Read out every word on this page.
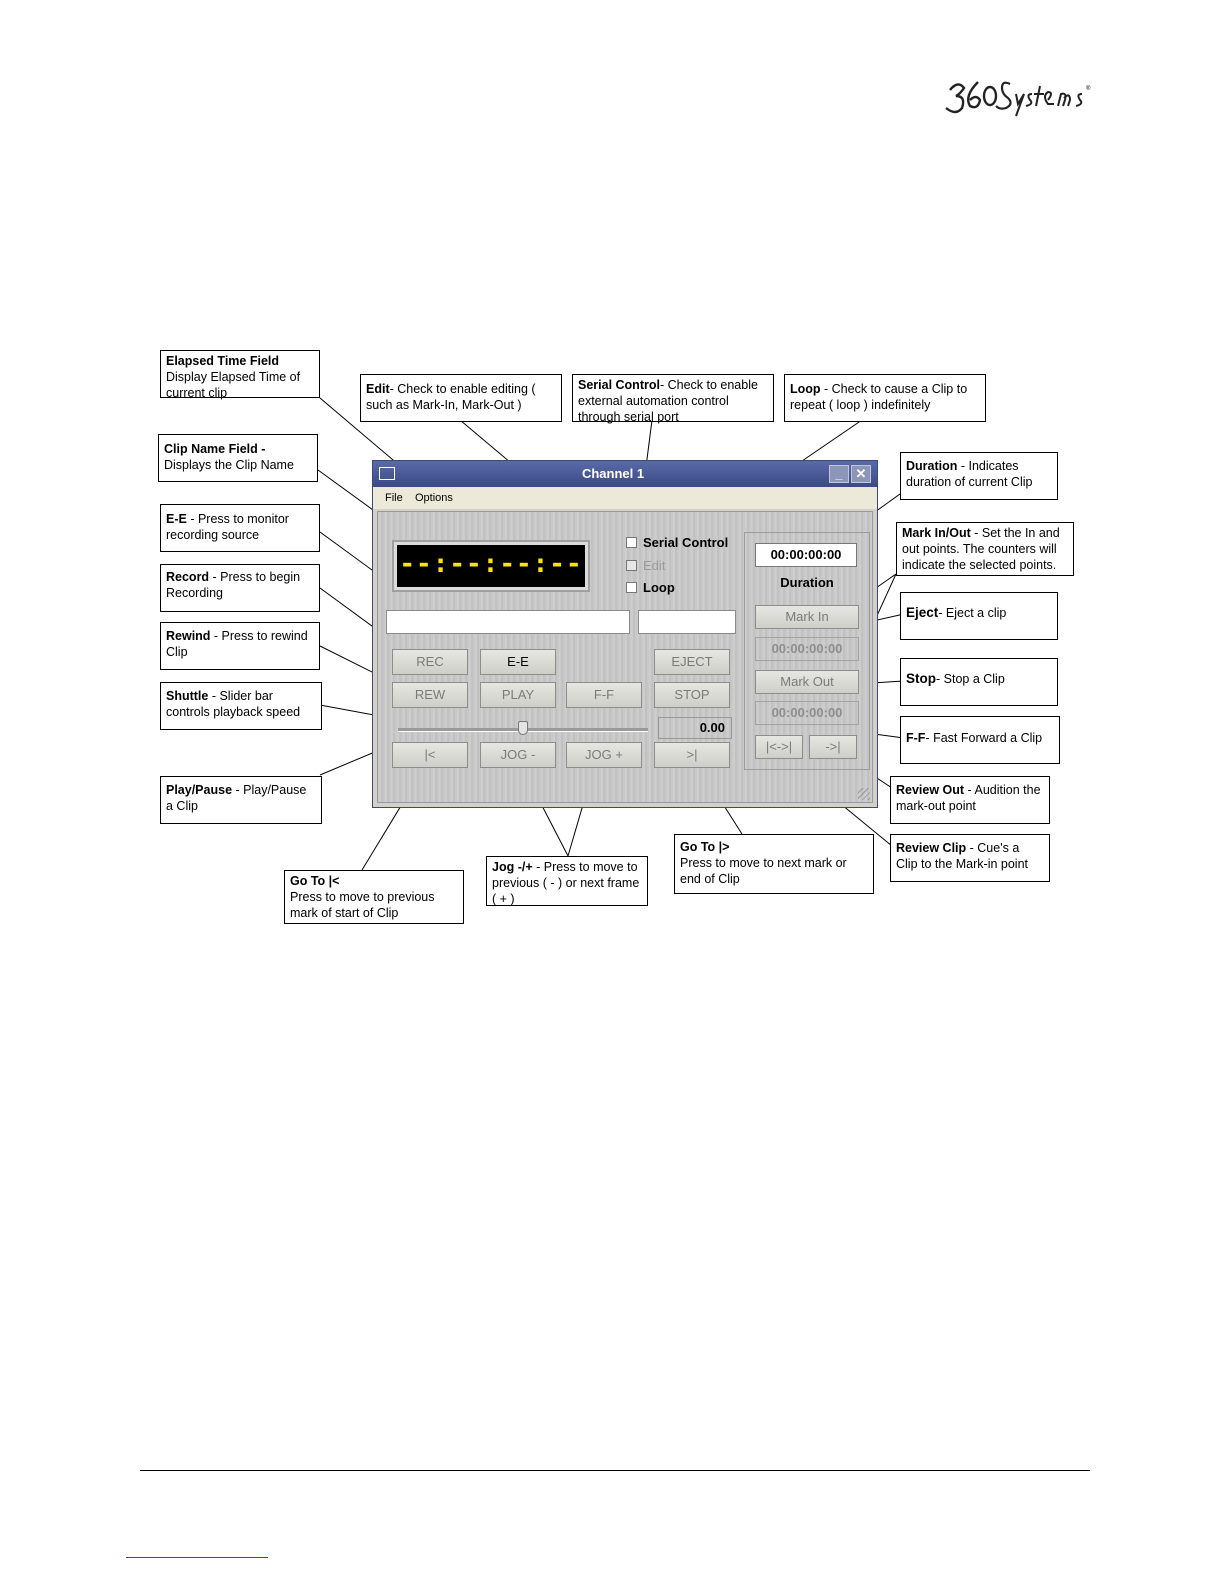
®
Channel 1	_ ✕
File Options
--:--:--:--
Serial Control
Edit
Loop
REC	E-E	EJECT
REW	PLAY	F-F	STOP
0.00
|<	JOG -	JOG +	>|
00:00:00:00
Duration
Mark In
00:00:00:00
Mark Out
00:00:00:00
|<->|	->|
Elapsed Time Field
Display Elapsed Time of current clip	Edit- Check to enable editing ( such as Mark-In, Mark-Out )
Serial Control- Check to enable external automation control through serial port
Loop - Check to cause a Clip to repeat ( loop ) indefinitely
Clip Name Field -
Displays the Clip Name	Duration - Indicates duration of current Clip
E-E - Press to monitor recording source	Mark In/Out - Set the In and out points. The counters will indicate the selected points.
Record - Press to begin Recording
Eject- Eject a clip
Rewind - Press to rewind Clip
Stop- Stop a Clip
Shuttle - Slider bar controls playback speed
F-F- Fast Forward a Clip
Play/Pause - Play/Pause a Clip
Review Out - Audition the mark-out point
Go To |>
Press to move to next mark or end of Clip
Review Clip - Cue's a Clip to the Mark-in point
Jog -/+ - Press to move to previous ( - ) or next frame ( + )
Go To |<
Press to move to previous mark of start of Clip
